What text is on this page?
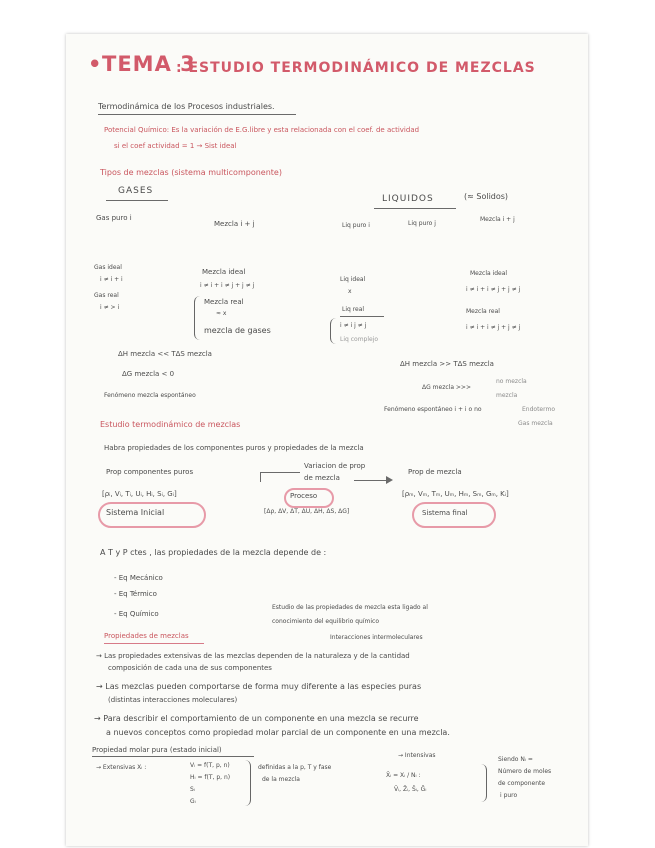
• TEMA 3
: ESTUDIO TERMODINÁMICO DE MEZCLAS
Termodinámica de los Procesos industriales.
Potencial Químico: Es la variación de E.G.libre y esta relacionada con el coef. de actividad
si el coef actividad = 1 → Sist ideal
Tipos de mezclas (sistema multicomponente)
GASES
LIQUIDOS	(≈ Solidos)
Gas puro i
Mezcla i + j	Liq puro i	Liq puro j
Mezcla i + j
Gas ideal
i ≠ i + i
Gas real
i ≠ > i
Mezcla ideal
i ≠ i + i ≠ j + j ≠ j
Mezcla real
≈ x
mezcla de gases
Liq ideal
x
Liq real
i ≠ i j ≠ j
Liq complejo
Mezcla ideal
i ≠ i + i ≠ j + j ≠ j
Mezcla real
i ≠ i + i ≠ j + j ≠ j
ΔH mezcla << TΔS mezcla
ΔG mezcla < 0
Fenómeno mezcla espontáneo
ΔH mezcla >> TΔS mezcla
ΔG mezcla >>>
no mezcla
mezcla
Fenómeno espontáneo i + i o no	Endotermo
Gas mezcla
Estudio termodinámico de mezclas
Habra propiedades de los componentes puros y propiedades de la mezcla
Prop componentes puros
Variacion de prop
de mezcla
Prop de mezcla
[ρᵢ, Vᵢ, Tᵢ, Uᵢ, Hᵢ, Sᵢ, Gᵢ]	Proceso	[ρₘ, Vₘ, Tₘ, Uₘ, Hₘ, Sₘ, Gₘ, Kᵢ]
[Δρ, ΔV, ΔT, ΔU, ΔH, ΔS, ΔG]
Sistema Inicial	Sistema final
A T y P ctes , las propiedades de la mezcla depende de :
- Eq Mecánico
- Eq Térmico
- Eq Químico
Estudio de las propiedades de mezcla esta ligado al
conocimiento del equilibrio químico
Interacciones intermoleculares
Propiedades de mezclas
→ Las propiedades extensivas de las mezclas dependen de la naturaleza y de la cantidad
composición de cada una de sus componentes
→ Las mezclas pueden comportarse de forma muy diferente a las especies puras
(distintas interacciones moleculares)
→ Para describir el comportamiento de un componente en una mezcla se recurre
a nuevos conceptos como propiedad molar parcial de un componente en una mezcla.
Propiedad molar pura (estado inicial)
→ Extensivas Xᵢ :	Vᵢ = f(T, p, n)
Hᵢ = f(T, p, n)
Sᵢ
Gᵢ
definidas a la p, T y fase
de la mezcla
→ Intensivas
X̄ᵢ = Xᵢ / Nᵢ :
V̄ᵢ, Z̄ᵢ, S̄ᵢ, Ḡᵢ
Siendo Nᵢ =
Número de moles
de componente
i puro
